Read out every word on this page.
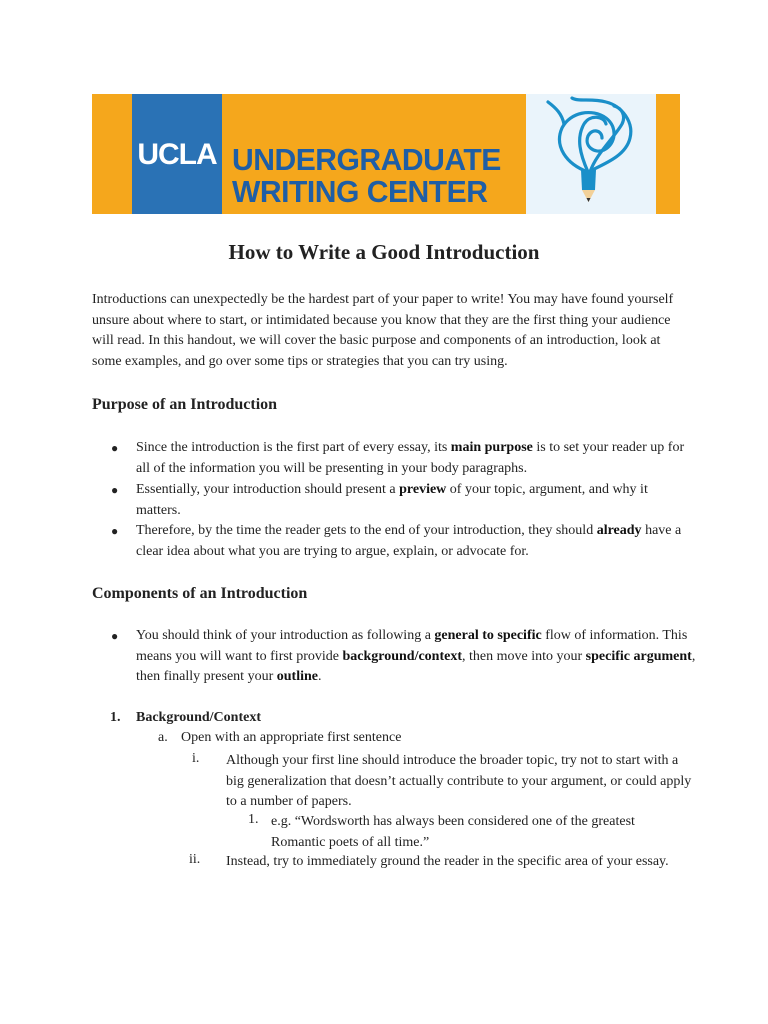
UCLA UNDERGRADUATE
WRITING CENTER
How to Write a Good Introduction

Introductions can unexpectedly be the hardest part of your paper to write! You may have found yourself unsure about where to start, or intimidated because you know that they are the first thing your audience will read. In this handout, we will cover the basic purpose and components of an introduction, look at some examples, and go over some tips or strategies that you can try using.

Purpose of an Introduction

● Since the introduction is the first part of every essay, its main purpose is to set your reader up for all of the information you will be presenting in your body paragraphs.

● Essentially, your introduction should present a preview of your topic, argument, and why it matters.

● Therefore, by the time the reader gets to the end of your introduction, they should already have a clear idea about what you are trying to argue, explain, or advocate for.

Components of an Introduction

● You should think of your introduction as following a general to specific flow of information. This means you will want to first provide background/context, then move into your specific argument, then finally present your outline.

1. Background/Context
a. Open with an appropriate first sentence
i. Although your first line should introduce the broader topic, try not to start with a big generalization that doesn’t actually contribute to your argument, or could apply to a number of papers.
1. e.g. “Wordsworth has always been considered one of the greatest Romantic poets of all time.”
ii. Instead, try to immediately ground the reader in the specific area of your essay.
